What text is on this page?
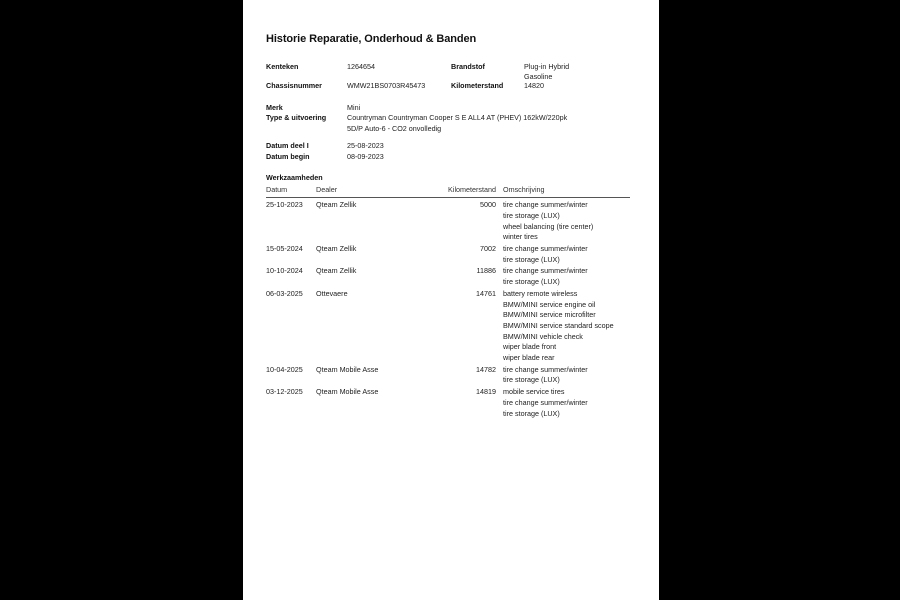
Historie Reparatie, Onderhoud & Banden
Kenteken	1264654	Brandstof	Plug-in Hybrid
Gasoline
Chassisnummer	WMW21BS0703R45473	Kilometerstand	14820
Merk	Mini
Type & uitvoering	Countryman Countryman Cooper S E ALL4 AT (PHEV) 162kW/220pk
5D/P Auto-6 - CO2 onvolledig
Datum deel I	25-08-2023
Datum begin	08-09-2023
Werkzaamheden
Datum	Dealer	Kilometerstand Omschrijving
25-10-2023	Qteam Zellik	5000 tire change summer/winter
tire storage (LUX)
wheel balancing (tire center)
winter tires
15-05-2024	Qteam Zellik	7002 tire change summer/winter
tire storage (LUX)
10-10-2024	Qteam Zellik	11886 tire change summer/winter
tire storage (LUX)
06-03-2025	Ottevaere	14761 battery remote wireless
BMW/MINI service engine oil
BMW/MINI service microfilter
BMW/MINI service standard scope
BMW/MINI vehicle check
wiper blade front
wiper blade rear
10-04-2025	Qteam Mobile Asse	14782 tire change summer/winter
tire storage (LUX)
03-12-2025	Qteam Mobile Asse	14819 mobile service tires
tire change summer/winter
tire storage (LUX)
